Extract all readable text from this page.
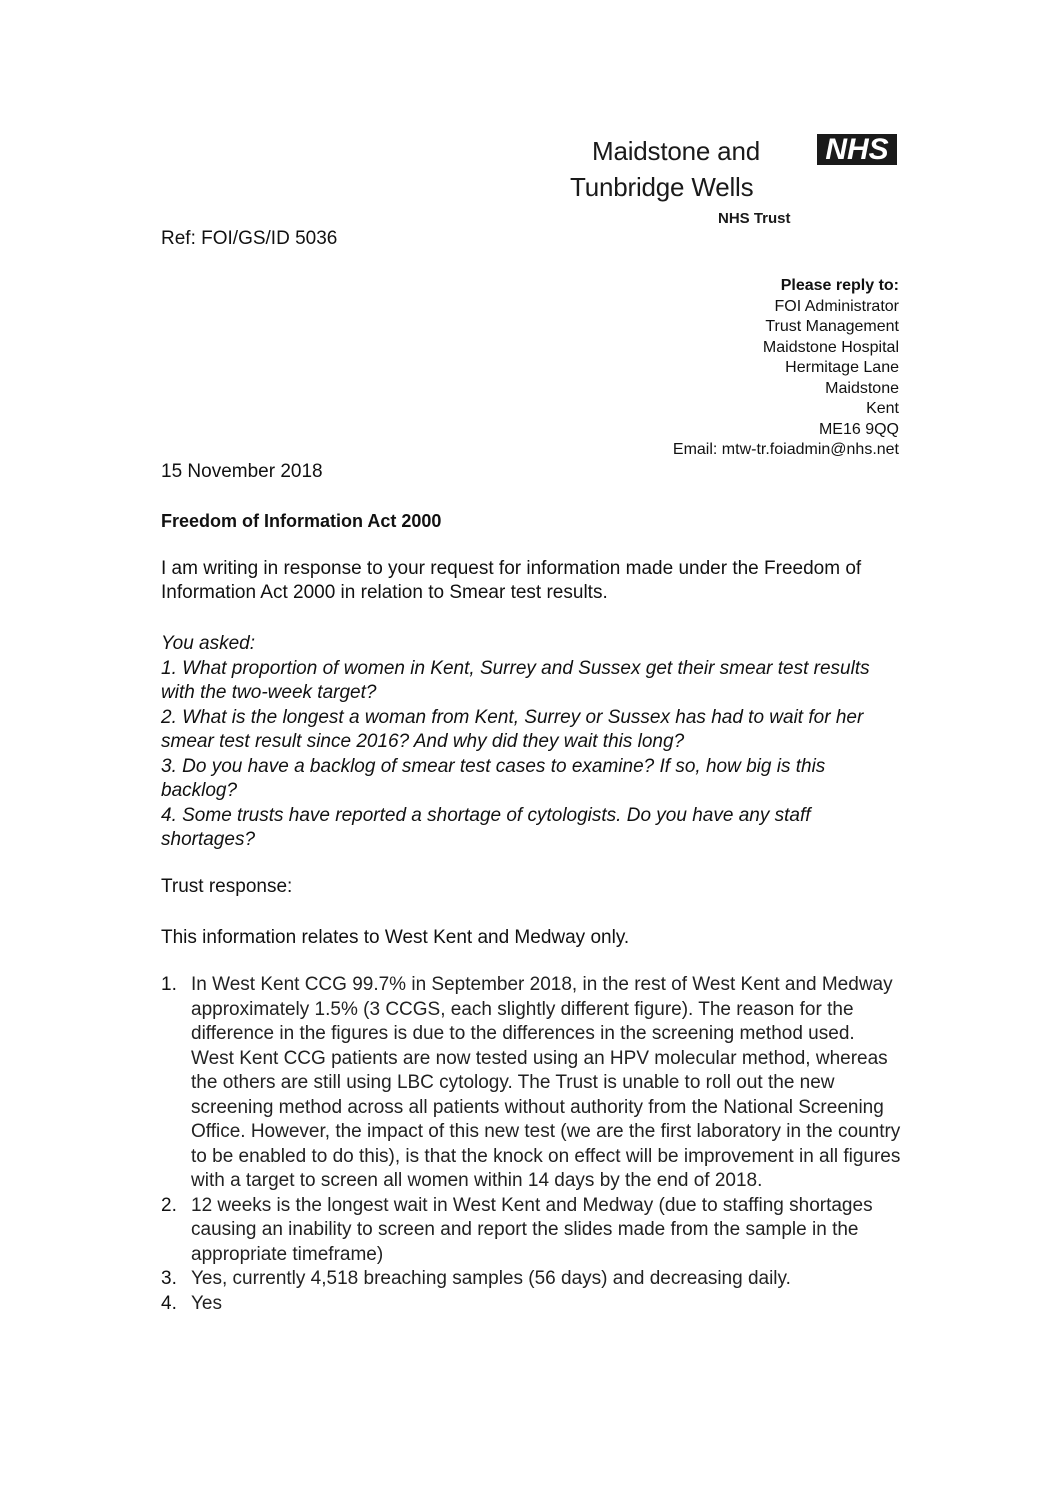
Maidstone and NHS
Tunbridge Wells
NHS Trust
Ref: FOI/GS/ID 5036
Please reply to:
FOI Administrator
Trust Management
Maidstone Hospital
Hermitage Lane
Maidstone
Kent
ME16 9QQ
Email: mtw-tr.foiadmin@nhs.net
15 November 2018
Freedom of Information Act 2000
I am writing in response to your request for information made under the Freedom of Information Act 2000 in relation to Smear test results.
You asked:
1. What proportion of women in Kent, Surrey and Sussex get their smear test results with the two-week target?
2. What is the longest a woman from Kent, Surrey or Sussex has had to wait for her smear test result since 2016? And why did they wait this long?
3. Do you have a backlog of smear test cases to examine? If so, how big is this backlog?
4. Some trusts have reported a shortage of cytologists. Do you have any staff shortages?
Trust response:
This information relates to West Kent and Medway only.
1. In West Kent CCG 99.7% in September 2018, in the rest of West Kent and Medway approximately 1.5% (3 CCGS, each slightly different figure). The reason for the difference in the figures is due to the differences in the screening method used. West Kent CCG patients are now tested using an HPV molecular method, whereas the others are still using LBC cytology. The Trust is unable to roll out the new screening method across all patients without authority from the National Screening Office. However, the impact of this new test (we are the first laboratory in the country to be enabled to do this), is that the knock on effect will be improvement in all figures with a target to screen all women within 14 days by the end of 2018.
2. 12 weeks is the longest wait in West Kent and Medway (due to staffing shortages causing an inability to screen and report the slides made from the sample in the appropriate timeframe)
3. Yes, currently 4,518 breaching samples (56 days) and decreasing daily.
4. Yes
